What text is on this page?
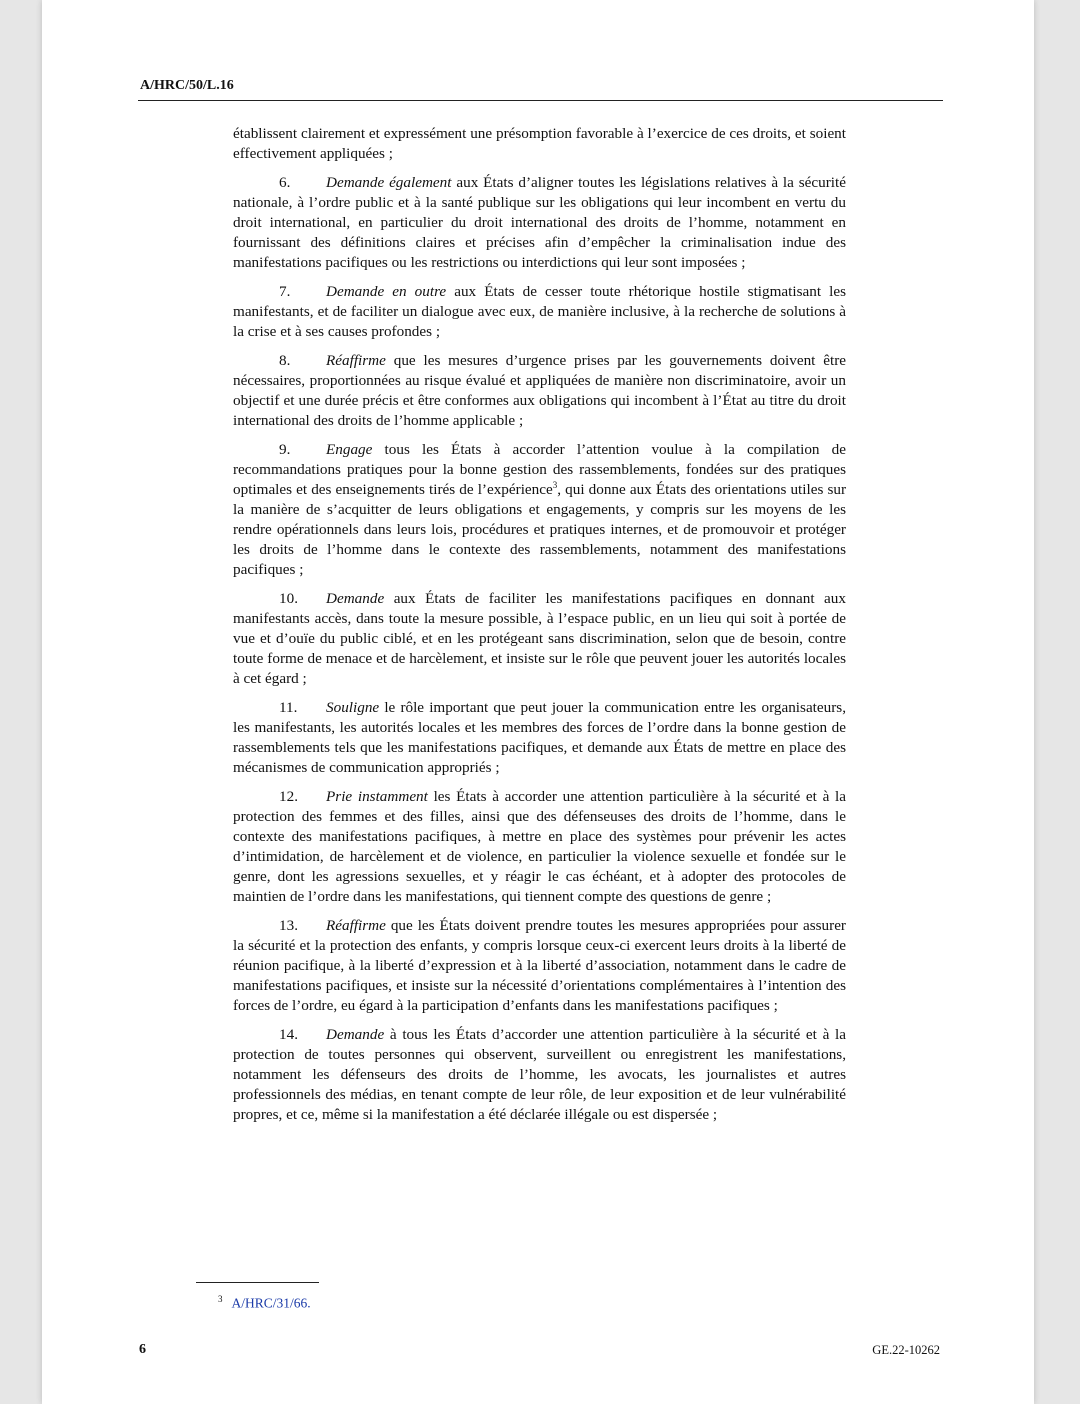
A/HRC/50/L.16

établissent clairement et expressément une présomption favorable à l’exercice de ces droits, et soient effectivement appliquées ;

6. Demande également aux États d’aligner toutes les législations relatives à la sécurité nationale, à l’ordre public et à la santé publique sur les obligations qui leur incombent en vertu du droit international, en particulier du droit international des droits de l’homme, notamment en fournissant des définitions claires et précises afin d’empêcher la criminalisation indue des manifestations pacifiques ou les restrictions ou interdictions qui leur sont imposées ;

7. Demande en outre aux États de cesser toute rhétorique hostile stigmatisant les manifestants, et de faciliter un dialogue avec eux, de manière inclusive, à la recherche de solutions à la crise et à ses causes profondes ;

8. Réaffirme que les mesures d’urgence prises par les gouvernements doivent être nécessaires, proportionnées au risque évalué et appliquées de manière non discriminatoire, avoir un objectif et une durée précis et être conformes aux obligations qui incombent à l’État au titre du droit international des droits de l’homme applicable ;

9. Engage tous les États à accorder l’attention voulue à la compilation de recommandations pratiques pour la bonne gestion des rassemblements, fondées sur des pratiques optimales et des enseignements tirés de l’expérience$^3$, qui donne aux États des orientations utiles sur la manière de s’acquitter de leurs obligations et engagements, y compris sur les moyens de les rendre opérationnels dans leurs lois, procédures et pratiques internes, et de promouvoir et protéger les droits de l’homme dans le contexte des rassemblements, notamment des manifestations pacifiques ;

10. Demande aux États de faciliter les manifestations pacifiques en donnant aux manifestants accès, dans toute la mesure possible, à l’espace public, en un lieu qui soit à portée de vue et d’ouïe du public ciblé, et en les protégeant sans discrimination, selon que de besoin, contre toute forme de menace et de harcèlement, et insiste sur le rôle que peuvent jouer les autorités locales à cet égard ;

11. Souligne le rôle important que peut jouer la communication entre les organisateurs, les manifestants, les autorités locales et les membres des forces de l’ordre dans la bonne gestion de rassemblements tels que les manifestations pacifiques, et demande aux États de mettre en place des mécanismes de communication appropriés ;

12. Prie instamment les États à accorder une attention particulière à la sécurité et à la protection des femmes et des filles, ainsi que des défenseuses des droits de l’homme, dans le contexte des manifestations pacifiques, à mettre en place des systèmes pour prévenir les actes d’intimidation, de harcèlement et de violence, en particulier la violence sexuelle et fondée sur le genre, dont les agressions sexuelles, et y réagir le cas échéant, et à adopter des protocoles de maintien de l’ordre dans les manifestations, qui tiennent compte des questions de genre ;

13. Réaffirme que les États doivent prendre toutes les mesures appropriées pour assurer la sécurité et la protection des enfants, y compris lorsque ceux-ci exercent leurs droits à la liberté de réunion pacifique, à la liberté d’expression et à la liberté d’association, notamment dans le cadre de manifestations pacifiques, et insiste sur la nécessité d’orientations complémentaires à l’intention des forces de l’ordre, eu égard à la participation d’enfants dans les manifestations pacifiques ;

14. Demande à tous les États d’accorder une attention particulière à la sécurité et à la protection de toutes personnes qui observent, surveillent ou enregistrent les manifestations, notamment les défenseurs des droits de l’homme, les avocats, les journalistes et autres professionnels des médias, en tenant compte de leur rôle, de leur exposition et de leur vulnérabilité propres, et ce, même si la manifestation a été déclarée illégale ou est dispersée ;

$^3$ A/HRC/31/66.
6	GE.22-10262
